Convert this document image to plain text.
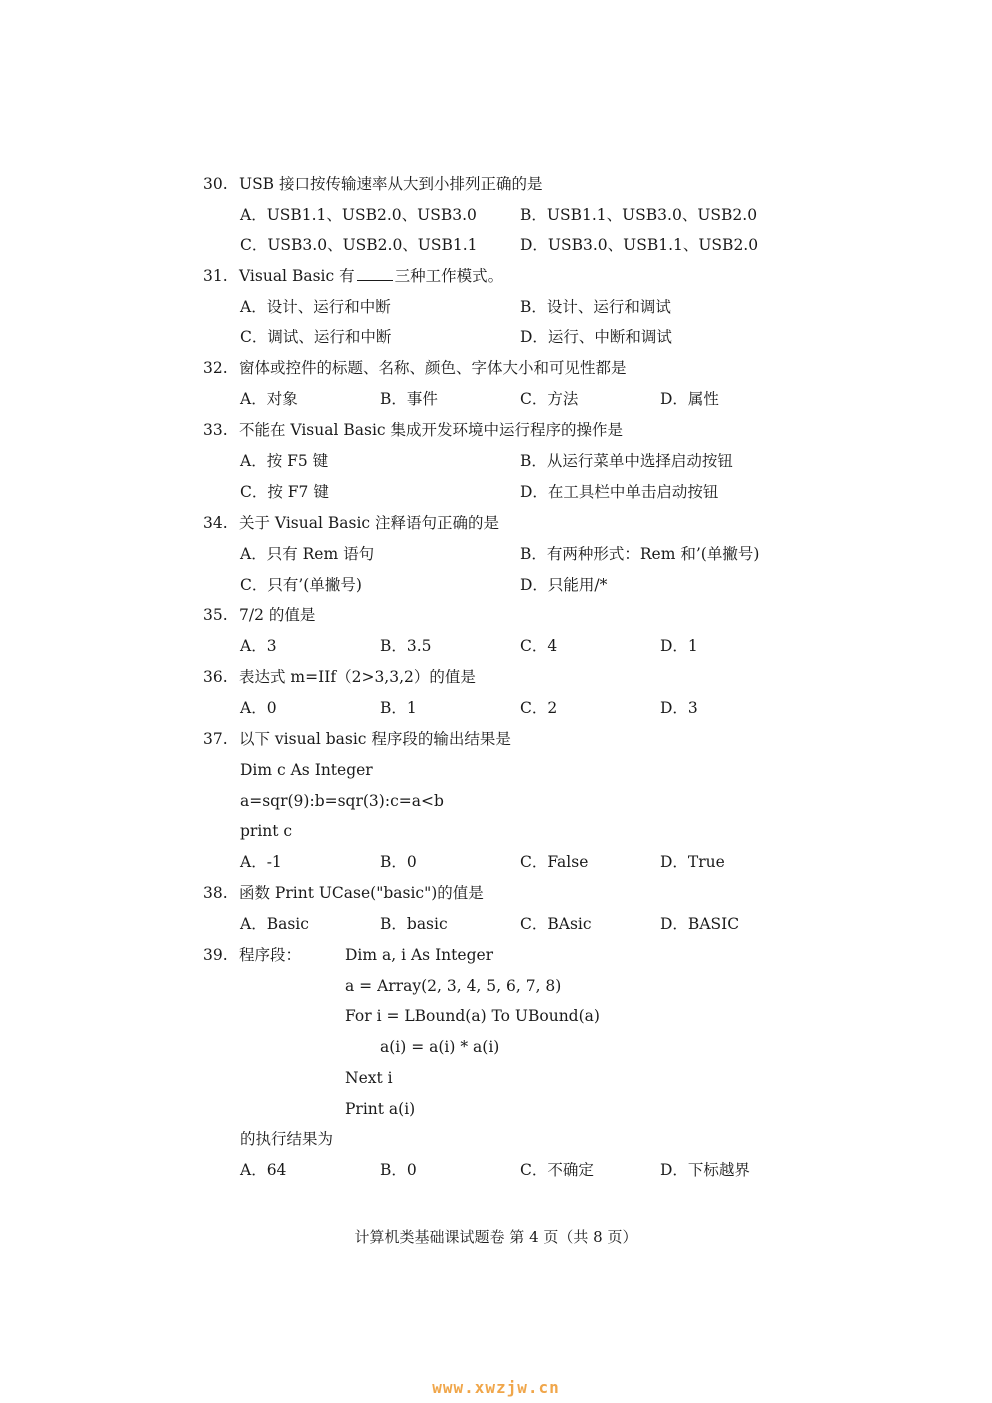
30. USB 接口按传输速率从大到小排列正确的是
A．USB1.1、USB2.0、USB3.0	B．USB1.1、USB3.0、USB2.0
C．USB3.0、USB2.0、USB1.1	D．USB3.0、USB1.1、USB2.0
31. Visual Basic 有	三种工作模式。
A．设计、运行和中断	B．设计、运行和调试
C．调试、运行和中断	D．运行、中断和调试
32. 窗体或控件的标题、名称、颜色、字体大小和可见性都是
A．对象	B．事件	C．方法	D．属性
33. 不能在 Visual Basic 集成开发环境中运行程序的操作是
A．按 F5 键	B．从运行菜单中选择启动按钮
C．按 F7 键	D．在工具栏中单击启动按钮
34. 关于 Visual Basic 注释语句正确的是
A．只有 Rem 语句	B．有两种形式：Rem 和’(单撇号)
C．只有’(单撇号)	D．只能用/*
35. 7/2 的值是
A．3	B．3.5	C．4	D．1
36. 表达式 m=IIf（2>3,3,2）的值是
A．0	B．1	C．2	D．3
37. 以下 visual basic 程序段的输出结果是
Dim c As Integer
a=sqr(9):b=sqr(3):c=a<b
print c
A．-1	B．0	C．False	D．True
38. 函数 Print UCase("basic")的值是
A．Basic	B．basic	C．BAsic	D．BASIC
39. 程序段：	Dim a, i As Integer
a = Array(2, 3, 4, 5, 6, 7, 8)
For i = LBound(a) To UBound(a)
a(i) = a(i) * a(i)
Next i
Print a(i)
的执行结果为
A．64	B．0	C．不确定	D．下标越界
计算机类基础课试题卷 第 4 页（共 8 页）
www.xwzjw.cn
